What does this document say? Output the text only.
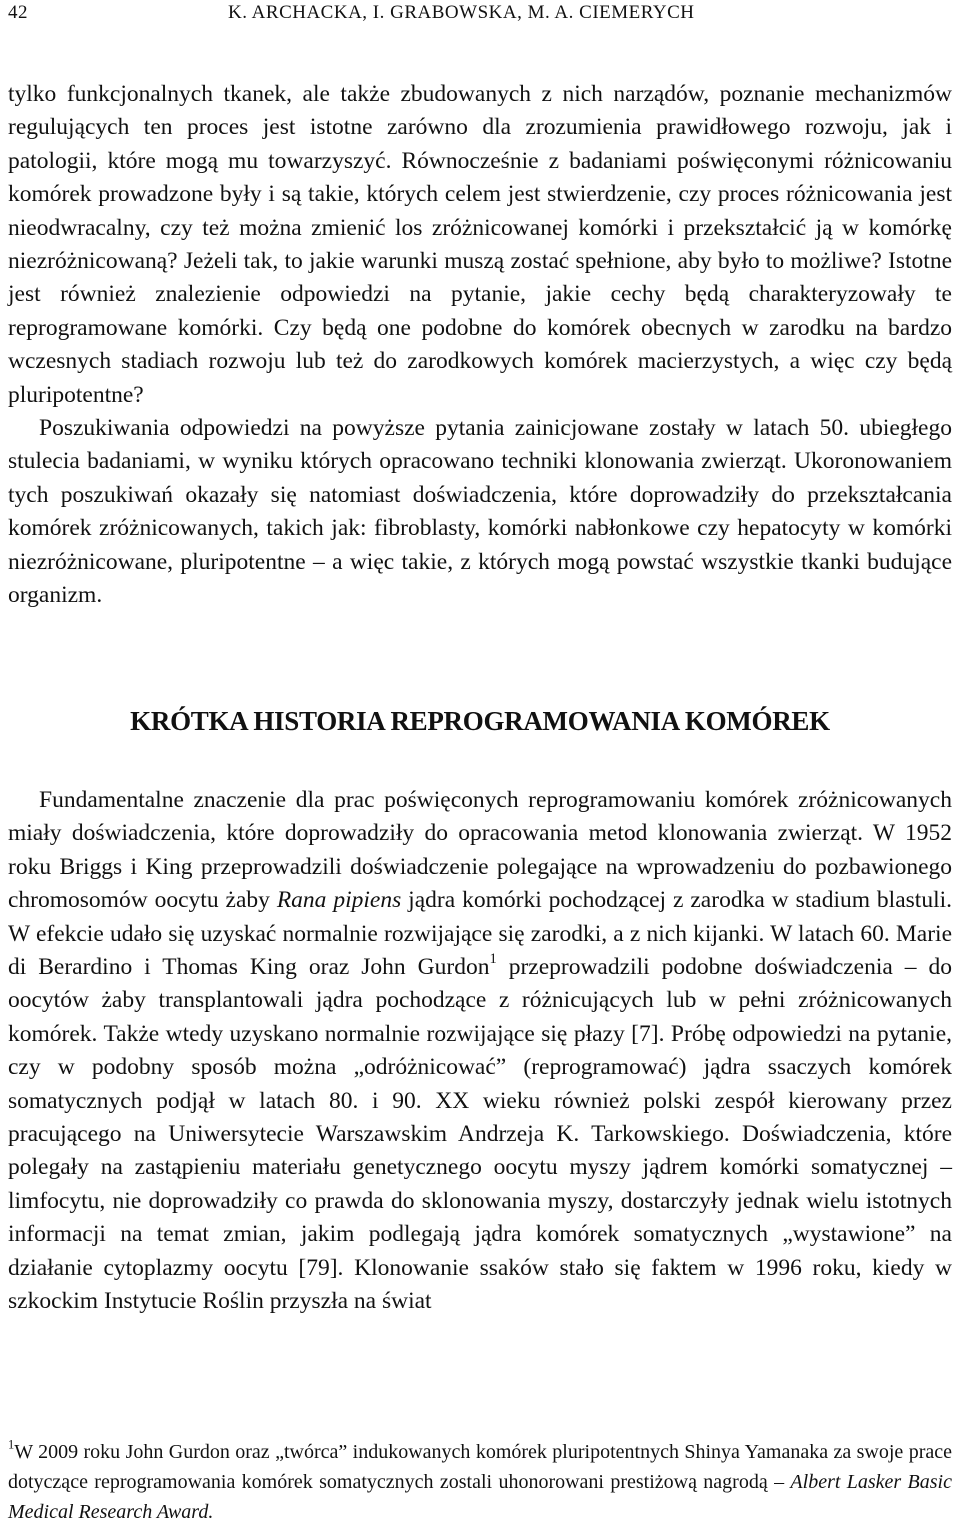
42	K. ARCHACKA, I. GRABOWSKA, M. A. CIEMERYCH

tylko funkcjonalnych tkanek, ale także zbudowanych z nich narządów, poznanie mechanizmów regulujących ten proces jest istotne zarówno dla zrozumienia prawidłowego rozwoju, jak i patologii, które mogą mu towarzyszyć. Równocześnie z badaniami poświęconymi różnicowaniu komórek prowadzone były i są takie, których celem jest stwierdzenie, czy proces różnicowania jest nieodwracalny, czy też można zmienić los zróżnicowanej komórki i przekształcić ją w komórkę niezróżnicowaną? Jeżeli tak, to jakie warunki muszą zostać spełnione, aby było to możliwe? Istotne jest również znalezienie odpowiedzi na pytanie, jakie cechy będą charakteryzowały te reprogramowane komórki. Czy będą one podobne do komórek obecnych w zarodku na bardzo wczesnych stadiach rozwoju lub też do zarodkowych komórek macierzystych, a więc czy będą pluripotentne?

Poszukiwania odpowiedzi na powyższe pytania zainicjowane zostały w latach 50. ubiegłego stulecia badaniami, w wyniku których opracowano techniki klonowania zwierząt. Ukoronowaniem tych poszukiwań okazały się natomiast doświadczenia, które doprowadziły do przekształcania komórek zróżnicowanych, takich jak: fibroblasty, komórki nabłonkowe czy hepatocyty w komórki niezróżnicowane, pluripotentne – a więc takie, z których mogą powstać wszystkie tkanki budujące organizm.

KRÓTKA HISTORIA REPROGRAMOWANIA KOMÓREK

Fundamentalne znaczenie dla prac poświęconych reprogramowaniu komórek zróżnicowanych miały doświadczenia, które doprowadziły do opracowania metod klonowania zwierząt. W 1952 roku Briggs i King przeprowadzili doświadczenie polegające na wprowadzeniu do pozbawionego chromosomów oocytu żaby Rana pipiens jądra komórki pochodzącej z zarodka w stadium blastuli. W efekcie udało się uzyskać normalnie rozwijające się zarodki, a z nich kijanki. W latach 60. Marie di Berardino i Thomas King oraz John Gurdon$^1$ przeprowadzili podobne doświadczenia – do oocytów żaby transplantowali jądra pochodzące z różnicujących lub w pełni zróżnicowanych komórek. Także wtedy uzyskano normalnie rozwijające się płazy [7]. Próbę odpowiedzi na pytanie, czy w podobny sposób można „odróżnicować” (reprogramować) jądra ssaczych komórek somatycznych podjął w latach 80. i 90. XX wieku również polski zespół kierowany przez pracującego na Uniwersytecie Warszawskim Andrzeja K. Tarkowskiego. Doświadczenia, które polegały na zastąpieniu materiału genetycznego oocytu myszy jądrem komórki somatycznej – limfocytu, nie doprowadziły co prawda do sklonowania myszy, dostarczyły jednak wielu istotnych informacji na temat zmian, jakim podlegają jądra komórek somatycznych „wystawione” na działanie cytoplazmy oocytu [79]. Klonowanie ssaków stało się faktem w 1996 roku, kiedy w szkockim Instytucie Roślin przyszła na świat

$^1$W 2009 roku John Gurdon oraz „twórca” indukowanych komórek pluripotentnych Shinya Yamanaka za swoje prace dotyczące reprogramowania komórek somatycznych zostali uhonorowani prestiżową nagrodą – Albert Lasker Basic Medical Research Award.
